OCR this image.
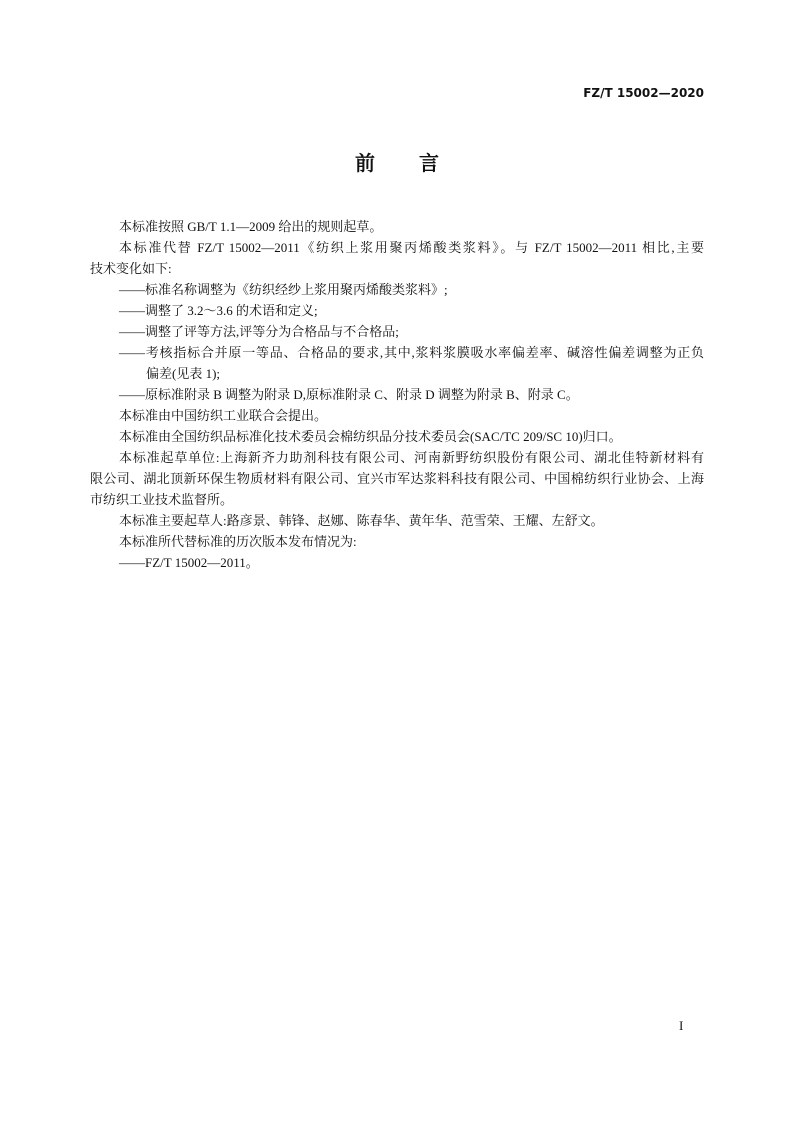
FZ/T 15002—2020
前 言
本标准按照 GB/T 1.1—2009 给出的规则起草。
本标准代替 FZ/T 15002—2011《纺织上浆用聚丙烯酸类浆料》。与 FZ/T 15002—2011 相比,主要
技术变化如下:
——标准名称调整为《纺织经纱上浆用聚丙烯酸类浆料》;
——调整了 3.2～3.6 的术语和定义;
——调整了评等方法,评等分为合格品与不合格品;
——考核指标合并原一等品、合格品的要求,其中,浆料浆膜吸水率偏差率、碱溶性偏差调整为正负
偏差(见表 1);
——原标准附录 B 调整为附录 D,原标准附录 C、附录 D 调整为附录 B、附录 C。
本标准由中国纺织工业联合会提出。
本标准由全国纺织品标准化技术委员会棉纺织品分技术委员会(SAC/TC 209/SC 10)归口。
本标准起草单位:上海新齐力助剂科技有限公司、河南新野纺织股份有限公司、湖北佳特新材料有
限公司、湖北顶新环保生物质材料有限公司、宜兴市军达浆料科技有限公司、中国棉纺织行业协会、上海
市纺织工业技术监督所。
本标准主要起草人:路彦景、韩锋、赵娜、陈春华、黄年华、范雪荣、王耀、左舒文。
本标准所代替标准的历次版本发布情况为:
——FZ/T 15002—2011。
I
